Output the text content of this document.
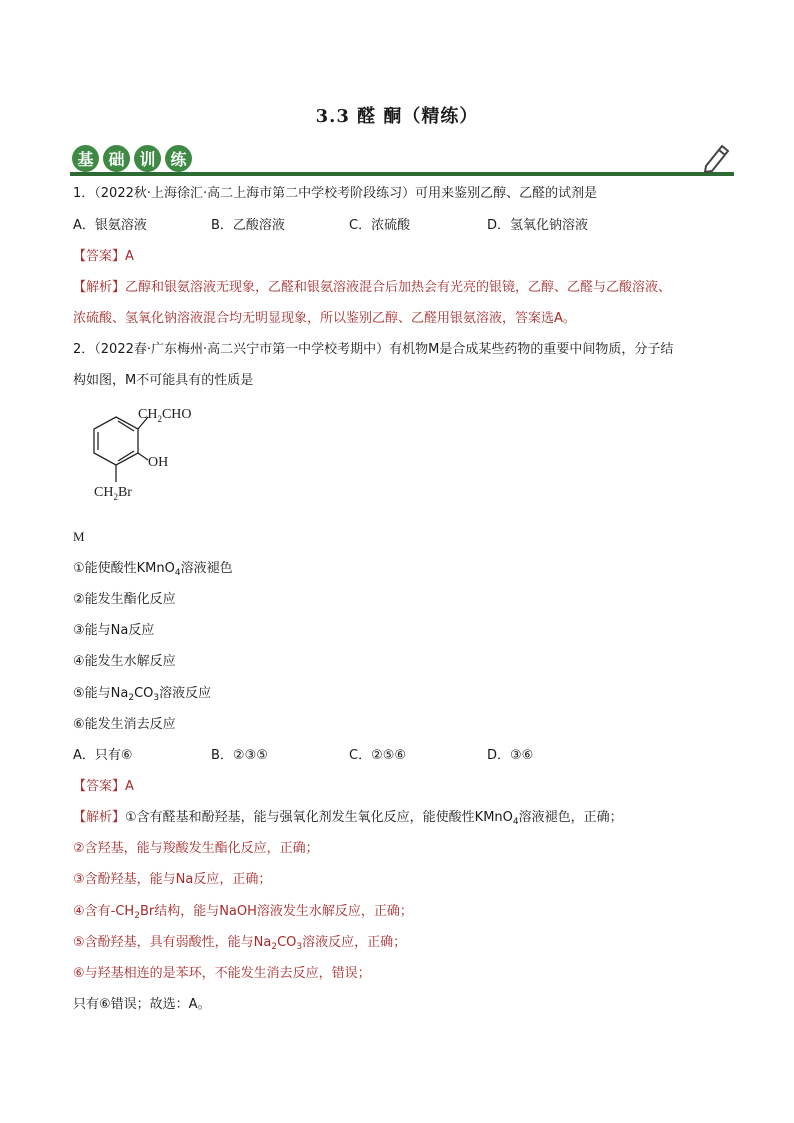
3.3 醛 酮（精练）
基 础 训 练
1．（2022秋·上海徐汇·高二上海市第二中学校考阶段练习）可用来鉴别乙醇、乙醛的试剂是
A．银氨溶液	B．乙酸溶液	C．浓硫酸	D．氢氧化钠溶液
【答案】A
【解析】乙醇和银氨溶液无现象，乙醛和银氨溶液混合后加热会有光亮的银镜，乙醇、乙醛与乙酸溶液、
浓硫酸、氢氧化钠溶液混合均无明显现象，所以鉴别乙醇、乙醛用银氨溶液，答案选A。
2．（2022春·广东梅州·高二兴宁市第一中学校考期中）有机物M是合成某些药物的重要中间物质，分子结
构如图，M不可能具有的性质是
$CH_2CHO$
OH
$CH_2Br$
M
①能使酸性KMnO$_4$溶液褪色
②能发生酯化反应
③能与Na反应
④能发生水解反应
⑤能与$Na_2CO_3$溶液反应
⑥能发生消去反应
A．只有⑥	B．②③⑤	C．②⑤⑥	D．③⑥
【答案】A
【解析】①含有醛基和酚羟基，能与强氧化剂发生氧化反应，能使酸性KMnO$_4$溶液褪色，正确；
②含羟基，能与羧酸发生酯化反应，正确；
③含酚羟基，能与Na反应，正确；
④含有$-CH_2Br$结构，能与NaOH溶液发生水解反应，正确；
⑤含酚羟基，具有弱酸性，能与$Na_2CO_3$溶液反应，正确；
⑥与羟基相连的是苯环，不能发生消去反应，错误；
只有⑥错误；故选：A。
